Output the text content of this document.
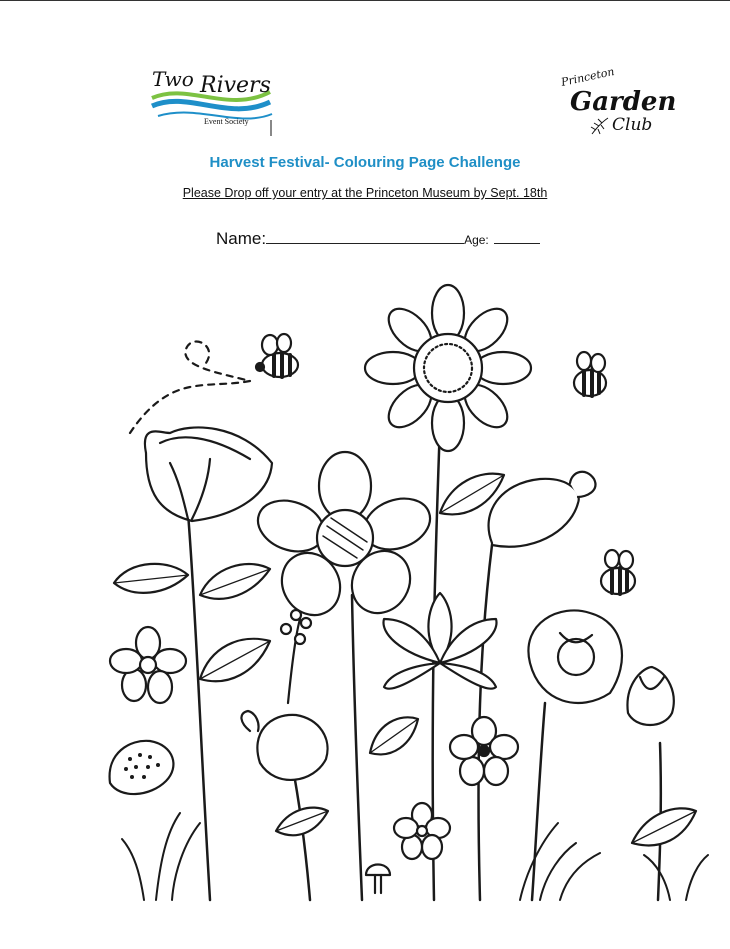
Two Rivers
Event Society
Princeton
Garden
Club
Harvest Festival- Colouring Page Challenge
Please Drop off your entry at the Princeton Museum by Sept. 18th
Name:	Age:
